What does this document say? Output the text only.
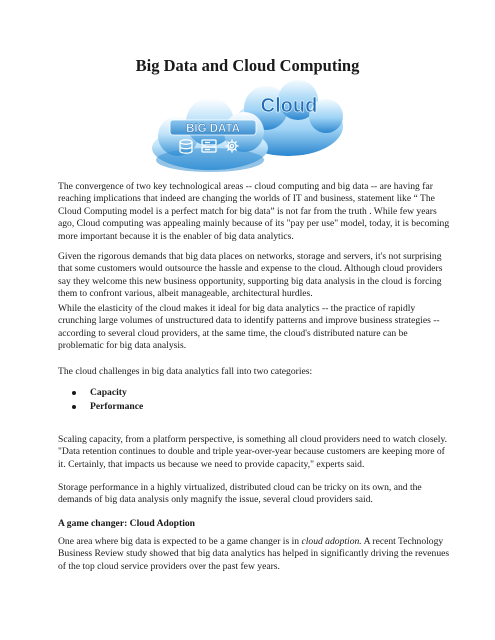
Big Data and Cloud Computing
Cloud
BIG DATA

The convergence of two key technological areas -- cloud computing and big data -- are having far reaching implications that indeed are changing the worlds of IT and business, statement like “ The Cloud Computing model is a perfect match for big data” is not far from the truth . While few years ago, Cloud computing was appealing mainly because of its "pay per use" model, today, it is becoming more important because it is the enabler of big data analytics.

Given the rigorous demands that big data places on networks, storage and servers, it's not surprising that some customers would outsource the hassle and expense to the cloud. Although cloud providers say they welcome this new business opportunity, supporting big data analysis in the cloud is forcing them to confront various, albeit manageable, architectural hurdles.

While the elasticity of the cloud makes it ideal for big data analytics -- the practice of rapidly crunching large volumes of unstructured data to identify patterns and improve business strategies -- according to several cloud providers, at the same time, the cloud's distributed nature can be problematic for big data analysis.

The cloud challenges in big data analytics fall into two categories:

Capacity
Performance

Scaling capacity, from a platform perspective, is something all cloud providers need to watch closely. "Data retention continues to double and triple year-over-year because customers are keeping more of it. Certainly, that impacts us because we need to provide capacity," experts said.

Storage performance in a highly virtualized, distributed cloud can be tricky on its own, and the demands of big data analysis only magnify the issue, several cloud providers said.

A game changer: Cloud Adoption

One area where big data is expected to be a game changer is in cloud adoption. A recent Technology Business Review study showed that big data analytics has helped in significantly driving the revenues of the top cloud service providers over the past few years.
